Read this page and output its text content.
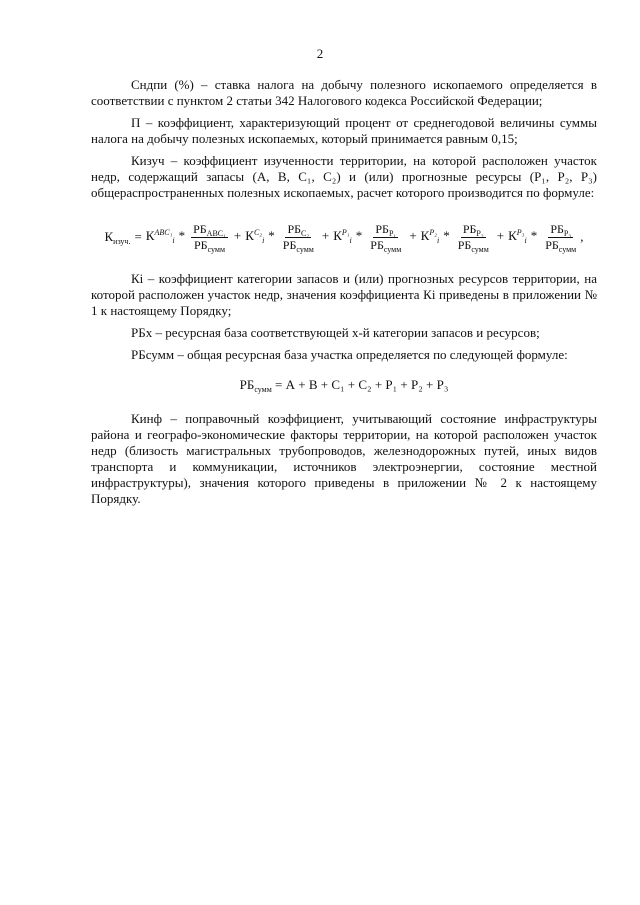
2

Сндпи (%) – ставка налога на добычу полезного ископаемого определяется в соответствии с пунктом 2 статьи 342 Налогового кодекса Российской Федерации;

П – коэффициент, характеризующий процент от среднегодовой величины суммы налога на добычу полезных ископаемых, который принимается равным 0,15;

Кизуч – коэффициент изученности территории, на которой расположен участок недр, содержащий запасы (А, В, С₁, С₂) и (или) прогнозные ресурсы (Р₁, Р₂, Р₃) общераспространенных полезных ископаемых, расчет которого производится по формуле:

$К_{изуч.} = К^{ABC_1}_i * \frac{РБ_{ABC_1}}{РБ_{сумм}} + К^{C_2}_i * \frac{РБ_{C_2}}{РБ_{сумм}} + К^{P_1}_i * \frac{РБ_{P_1}}{РБ_{сумм}} + К^{P_2}_i * \frac{РБ_{P_2}}{РБ_{сумм}} + К^{P_3}_i * \frac{РБ_{P_3}}{РБ_{сумм}}$ ,

Кi – коэффициент категории запасов и (или) прогнозных ресурсов территории, на которой расположен участок недр, значения коэффициента Кi приведены в приложении № 1 к настоящему Порядку;

РБх – ресурсная база соответствующей х-й категории запасов и ресурсов;

РБсумм – общая ресурсная база участка определяется по следующей формуле:

$РБ_{сумм} = А + В + С_1 + С_2 + Р_1 + Р_2 + Р_3$

Кинф – поправочный коэффициент, учитывающий состояние инфраструктуры района и географо-экономические факторы территории, на которой расположен участок недр (близость магистральных трубопроводов, железнодорожных путей, иных видов транспорта и коммуникации, источников электроэнергии, состояние местной инфраструктуры), значения которого приведены в приложении № 2 к настоящему Порядку.
